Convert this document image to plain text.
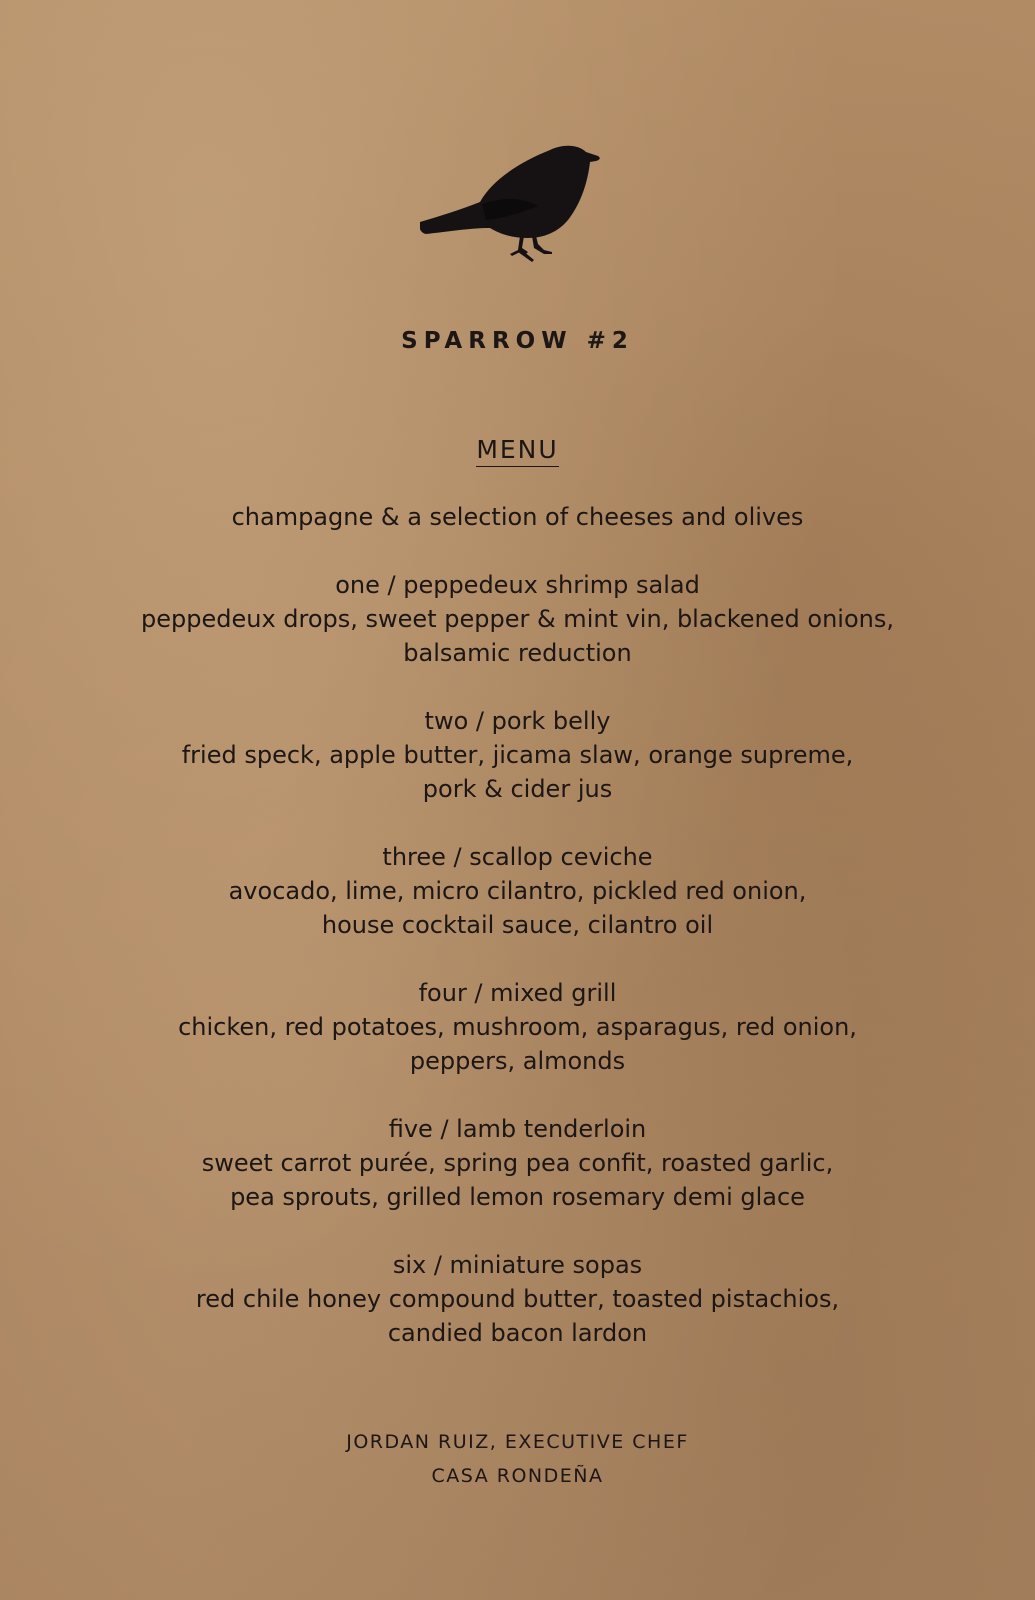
SPARROW #2
MENU

champagne & a selection of cheeses and olives

one / peppedeux shrimp salad

peppedeux drops, sweet pepper & mint vin, blackened onions,

balsamic reduction

two / pork belly

fried speck, apple butter, jicama slaw, orange supreme,

pork & cider jus

three / scallop ceviche

avocado, lime, micro cilantro, pickled red onion,

house cocktail sauce, cilantro oil

four / mixed grill

chicken, red potatoes, mushroom, asparagus, red onion,

peppers, almonds

five / lamb tenderloin

sweet carrot purée, spring pea confit, roasted garlic,

pea sprouts, grilled lemon rosemary demi glace

six / miniature sopas

red chile honey compound butter, toasted pistachios,

candied bacon lardon

JORDAN RUIZ, EXECUTIVE CHEF

CASA RONDEÑA
